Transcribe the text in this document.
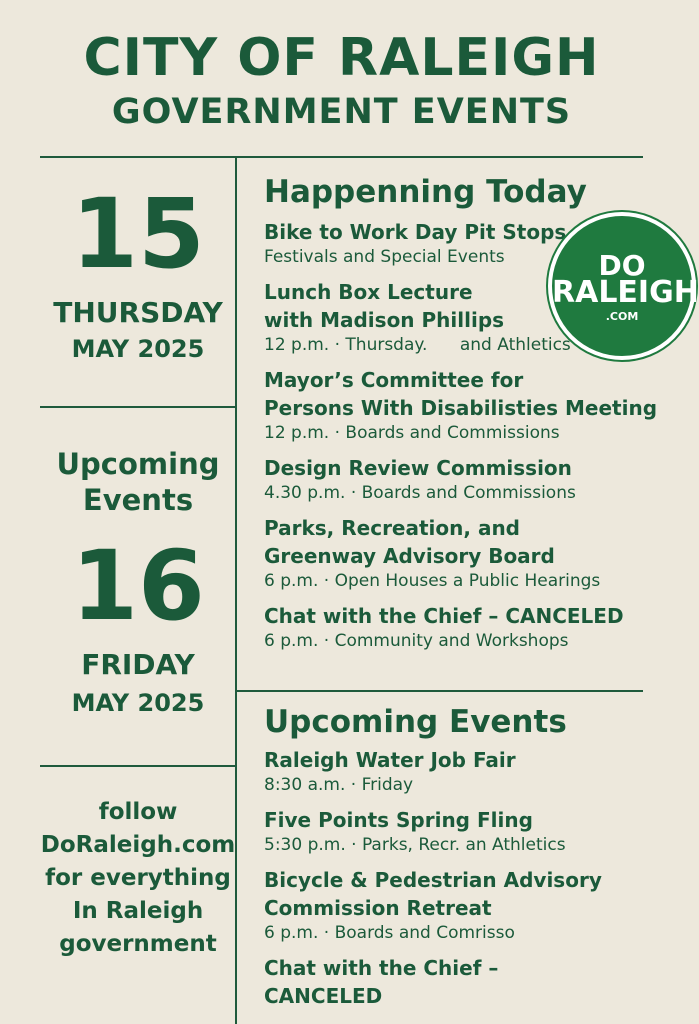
CITY OF RALEIGH
GOVERNMENT EVENTS
15
THURSDAY
MAY 2025
Upcoming
Events
16
FRIDAY
MAY 2025
follow
DoRaleigh.com
for everything
In Raleigh
government
Happenning Today
Bike to Work Day Pit Stops
Festivals and Special Events
Lunch Box Lecture
with Madison Phillips
12 p.m. · Thursday.      and Athletics
Mayor’s Committee for
Persons With Disabilisties Meeting
12 p.m. · Boards and Commissions
Design Review Commission
4.30 p.m. · Boards and Commissions
Parks, Recreation, and
Greenway Advisory Board
6 p.m. · Open Houses a Public Hearings
Chat with the Chief – CANCELED
6 p.m. · Community and Workshops
Upcoming Events
Raleigh Water Job Fair
8:30 a.m. · Friday
Five Points Spring Fling
5:30 p.m. · Parks, Recr. an Athletics
Bicycle & Pedestrian Advisory
Commission Retreat
6 p.m. · Boards and Comrisso
Chat with the Chief –
CANCELED
DO
RALEIGH
.COM
